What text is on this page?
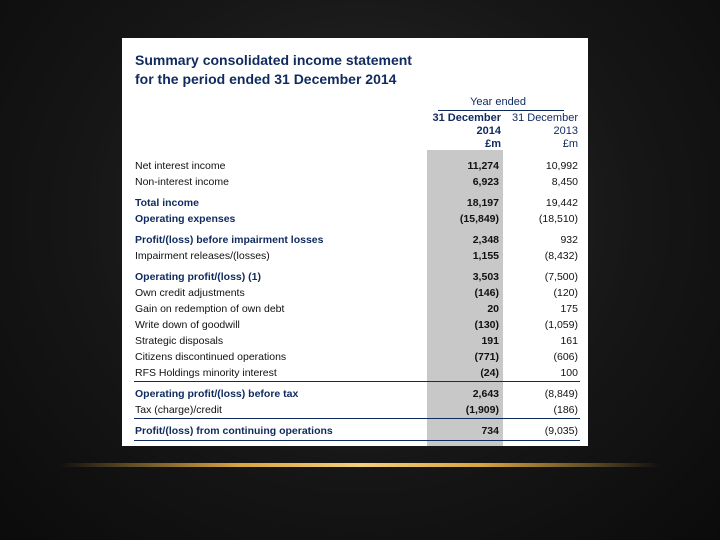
Summary consolidated income statement
for the period ended 31 December 2014
Year ended
31 December 31 December
2014	2013
£m	£m
Net interest income	11,274	10,992
Non-interest income	6,923	8,450
Total income	18,197	19,442
Operating expenses	(15,849)	(18,510)
Profit/(loss) before impairment losses	2,348	932
Impairment releases/(losses)	1,155	(8,432)
Operating profit/(loss) (1)	3,503	(7,500)
Own credit adjustments	(146)	(120)
Gain on redemption of own debt	20	175
Write down of goodwill	(130)	(1,059)
Strategic disposals	191	161
Citizens discontinued operations	(771)	(606)
RFS Holdings minority interest	(24)	100
Operating profit/(loss) before tax	2,643	(8,849)
Tax (charge)/credit	(1,909)	(186)
Profit/(loss) from continuing operations	734	(9,035)
